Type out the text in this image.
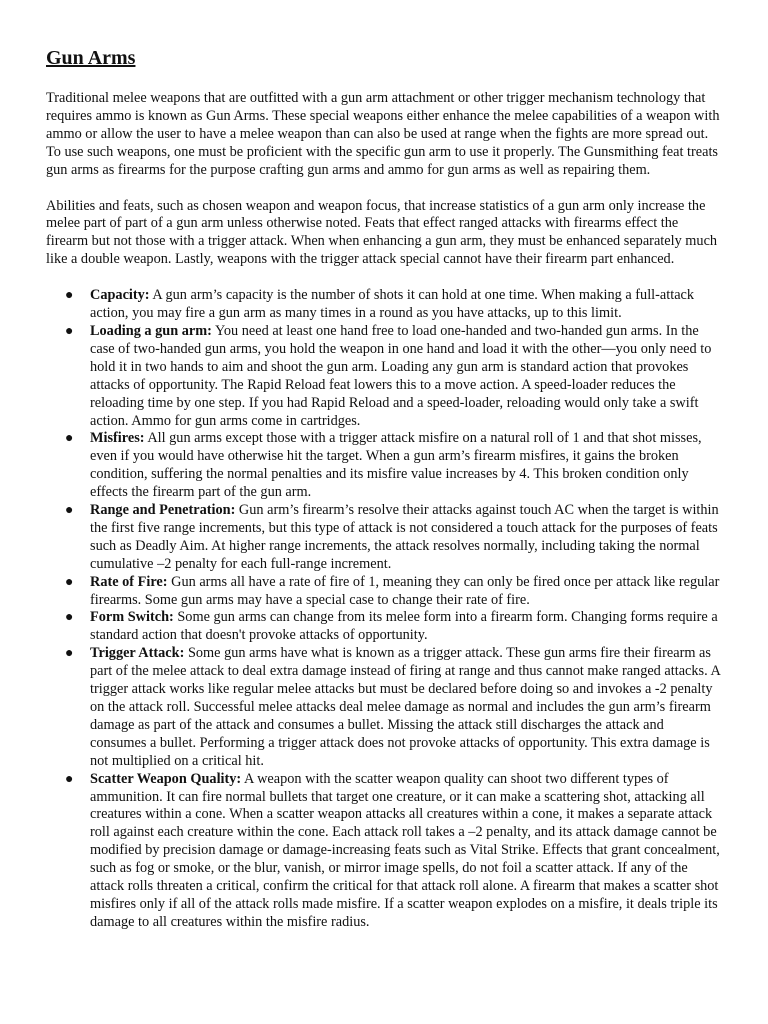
Gun Arms

Traditional melee weapons that are outfitted with a gun arm attachment or other trigger mechanism technology that requires ammo is known as Gun Arms. These special weapons either enhance the melee capabilities of a weapon with ammo or allow the user to have a melee weapon than can also be used at range when the fights are more spread out. To use such weapons, one must be proficient with the specific gun arm to use it properly. The Gunsmithing feat treats gun arms as firearms for the purpose crafting gun arms and ammo for gun arms as well as repairing them.

Abilities and feats, such as chosen weapon and weapon focus, that increase statistics of a gun arm only increase the melee part of part of a gun arm unless otherwise noted. Feats that effect ranged attacks with firearms effect the firearm but not those with a trigger attack. When when enhancing a gun arm, they must be enhanced separately much like a double weapon. Lastly, weapons with the trigger attack special cannot have their firearm part enhanced.

● Capacity: A gun arm’s capacity is the number of shots it can hold at one time. When making a full-attack action, you may fire a gun arm as many times in a round as you have attacks, up to this limit.
● Loading a gun arm: You need at least one hand free to load one-handed and two-handed gun arms. In the case of two-handed gun arms, you hold the weapon in one hand and load it with the other—you only need to hold it in two hands to aim and shoot the gun arm. Loading any gun arm is standard action that provokes attacks of opportunity. The Rapid Reload feat lowers this to a move action. A speed-loader reduces the reloading time by one step. If you had Rapid Reload and a speed-loader, reloading would only take a swift action. Ammo for gun arms come in cartridges.
● Misfires: All gun arms except those with a trigger attack misfire on a natural roll of 1 and that shot misses, even if you would have otherwise hit the target. When a gun arm’s firearm misfires, it gains the broken condition, suffering the normal penalties and its misfire value increases by 4. This broken condition only effects the firearm part of the gun arm.
● Range and Penetration: Gun arm’s firearm’s resolve their attacks against touch AC when the target is within the first five range increments, but this type of attack is not considered a touch attack for the purposes of feats such as Deadly Aim. At higher range increments, the attack resolves normally, including taking the normal cumulative –2 penalty for each full-range increment.
● Rate of Fire: Gun arms all have a rate of fire of 1, meaning they can only be fired once per attack like regular firearms. Some gun arms may have a special case to change their rate of fire.
● Form Switch: Some gun arms can change from its melee form into a firearm form. Changing forms require a standard action that doesn't provoke attacks of opportunity.
● Trigger Attack: Some gun arms have what is known as a trigger attack. These gun arms fire their firearm as part of the melee attack to deal extra damage instead of firing at range and thus cannot make ranged attacks. A trigger attack works like regular melee attacks but must be declared before doing so and invokes a -2 penalty on the attack roll. Successful melee attacks deal melee damage as normal and includes the gun arm’s firearm damage as part of the attack and consumes a bullet. Missing the attack still discharges the attack and consumes a bullet. Performing a trigger attack does not provoke attacks of opportunity. This extra damage is not multiplied on a critical hit.
● Scatter Weapon Quality: A weapon with the scatter weapon quality can shoot two different types of ammunition. It can fire normal bullets that target one creature, or it can make a scattering shot, attacking all creatures within a cone. When a scatter weapon attacks all creatures within a cone, it makes a separate attack roll against each creature within the cone. Each attack roll takes a –2 penalty, and its attack damage cannot be modified by precision damage or damage-increasing feats such as Vital Strike. Effects that grant concealment, such as fog or smoke, or the blur, vanish, or mirror image spells, do not foil a scatter attack. If any of the attack rolls threaten a critical, confirm the critical for that attack roll alone. A firearm that makes a scatter shot misfires only if all of the attack rolls made misfire. If a scatter weapon explodes on a misfire, it deals triple its damage to all creatures within the misfire radius.
